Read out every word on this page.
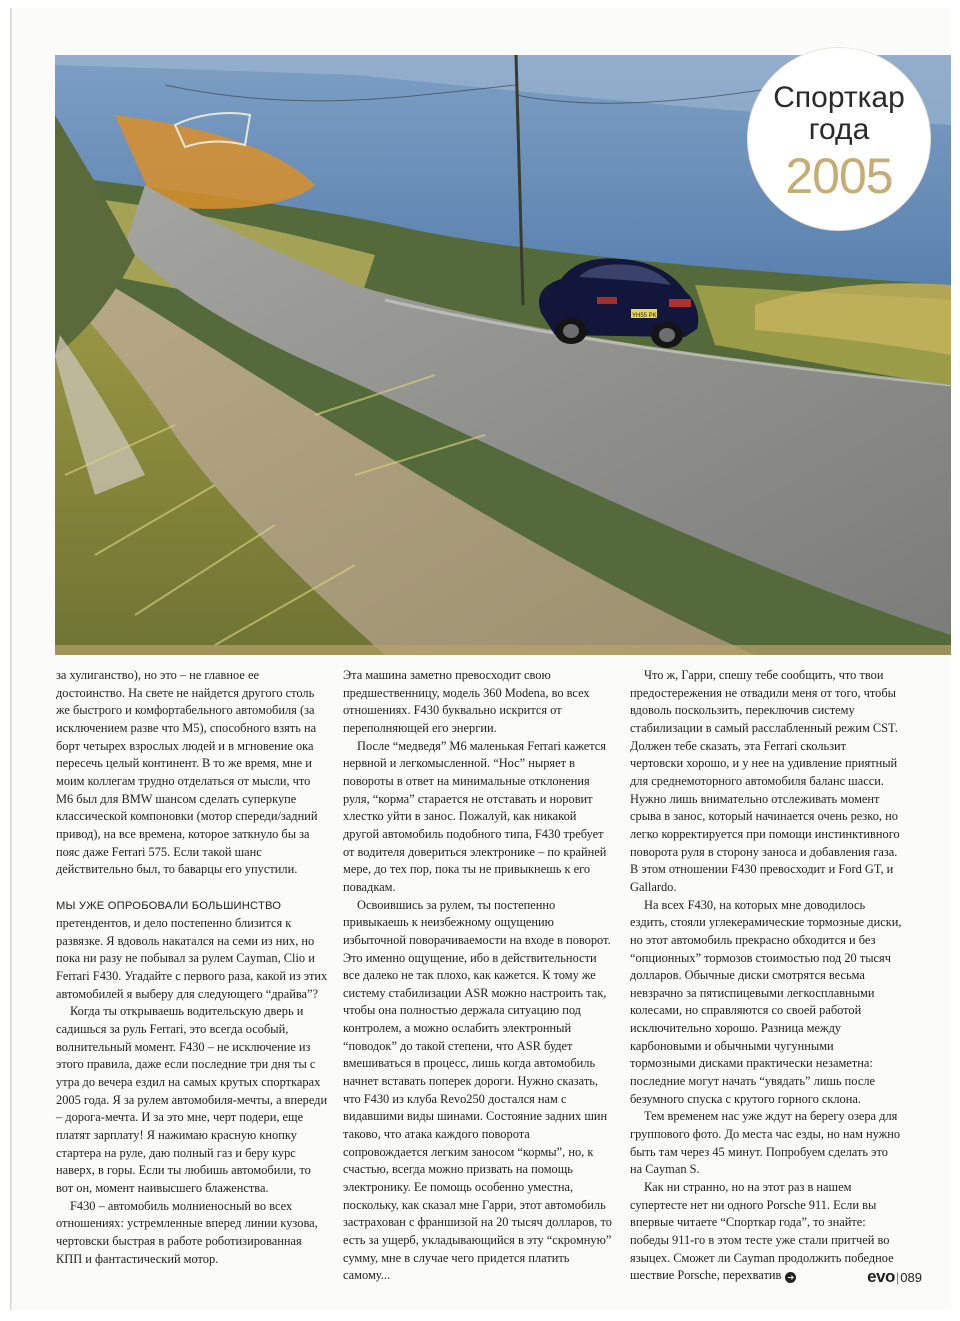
YH55 PKX
Спорткар
года
2005

за хулиганство), но это – не главное ее достоинство. На свете не найдется другого столь же быстрого и комфортабельного автомобиля (за исключением разве что M5), способного взять на борт четырех взрослых людей и в мгновение ока пересечь целый континент. В то же время, мне и моим коллегам трудно отделаться от мысли, что M6 был для BMW шансом сделать суперкупе классической компоновки (мотор спереди/задний привод), на все времена, которое заткнуло бы за пояс даже Ferrari 575. Если такой шанс действительно был, то баварцы его упустили.

МЫ УЖЕ ОПРОБОВАЛИ БОЛЬШИНСТВО претендентов, и дело постепенно близится к развязке. Я вдоволь накатался на семи из них, но пока ни разу не побывал за рулем Cayman, Clio и Ferrari F430. Угадайте с первого раза, какой из этих автомобилей я выберу для следующего “драйва”?

Когда ты открываешь водительскую дверь и садишься за руль Ferrari, это всегда особый, волнительный момент. F430 – не исключение из этого правила, даже если последние три дня ты с утра до вечера ездил на самых крутых спорткарах 2005 года. Я за рулем автомобиля-мечты, а впереди – дорога-мечта. И за это мне, черт подери, еще платят зарплату! Я нажимаю красную кнопку стартера на руле, даю полный газ и беру курс наверх, в горы. Если ты любишь автомобили, то вот он, момент наивысшего блаженства.

F430 – автомобиль молниеносный во всех отношениях: устремленные вперед линии кузова, чертовски быстрая в работе роботизированная КПП и фантастический мотор.

Эта машина заметно превосходит свою предшественницу, модель 360 Modena, во всех отношениях. F430 буквально искрится от переполняющей его энергии.

После “медведя” M6 маленькая Ferrari кажется нервной и легкомысленной. “Нос” ныряет в повороты в ответ на минимальные отклонения руля, “корма” старается не отставать и норовит хлестко уйти в занос. Пожалуй, как никакой другой автомобиль подобного типа, F430 требует от водителя довериться электронике – по крайней мере, до тех пор, пока ты не привыкнешь к его повадкам.

Освоившись за рулем, ты постепенно привыкаешь к неизбежному ощущению избыточной поворачиваемости на входе в поворот. Это именно ощущение, ибо в действительности все далеко не так плохо, как кажется. К тому же систему стабилизации ASR можно настроить так, чтобы она полностью держала ситуацию под контролем, а можно ослабить электронный “поводок” до такой степени, что ASR будет вмешиваться в процесс, лишь когда автомобиль начнет вставать поперек дороги. Нужно сказать, что F430 из клуба Revo250 достался нам с видавшими виды шинами. Состояние задних шин таково, что атака каждого поворота сопровождается легким заносом “кормы”, но, к счастью, всегда можно призвать на помощь электронику. Ее помощь особенно уместна, поскольку, как сказал мне Гарри, этот автомобиль застрахован с франшизой на 20 тысяч долларов, то есть за ущерб, укладывающийся в эту “скромную” сумму, мне в случае чего придется платить самому...

Что ж, Гарри, спешу тебе сообщить, что твои предостережения не отвадили меня от того, чтобы вдоволь поскользить, переключив систему стабилизации в самый расслабленный режим CST. Должен тебе сказать, эта Ferrari скользит чертовски хорошо, и у нее на удивление приятный для среднемоторного автомобиля баланс шасси. Нужно лишь внимательно отслеживать момент срыва в занос, который начинается очень резко, но легко корректируется при помощи инстинктивного поворота руля в сторону заноса и добавления газа. В этом отношении F430 превосходит и Ford GT, и Gallardo.

На всех F430, на которых мне доводилось ездить, стояли углекерамические тормозные диски, но этот автомобиль прекрасно обходится и без “опционных” тормозов стоимостью под 20 тысяч долларов. Обычные диски смотрятся весьма невзрачно за пятиспицевыми легкосплавными колесами, но справляются со своей работой исключительно хорошо. Разница между карбоновыми и обычными чугунными тормозными дисками практически незаметна: последние могут начать “увядать” лишь после безумного спуска с крутого горного склона.

Тем временем нас уже ждут на берегу озера для группового фото. До места час езды, но нам нужно быть там через 45 минут. Попробуем сделать это на Cayman S.

Как ни странно, но на этот раз в нашем супертесте нет ни одного Porsche 911. Если вы впервые читаете “Спорткар года”, то знайте: победы 911-го в этом тесте уже стали притчей во языцех. Сможет ли Cayman продолжить победное шествие Porsche, перехватив ➔	evo|089
